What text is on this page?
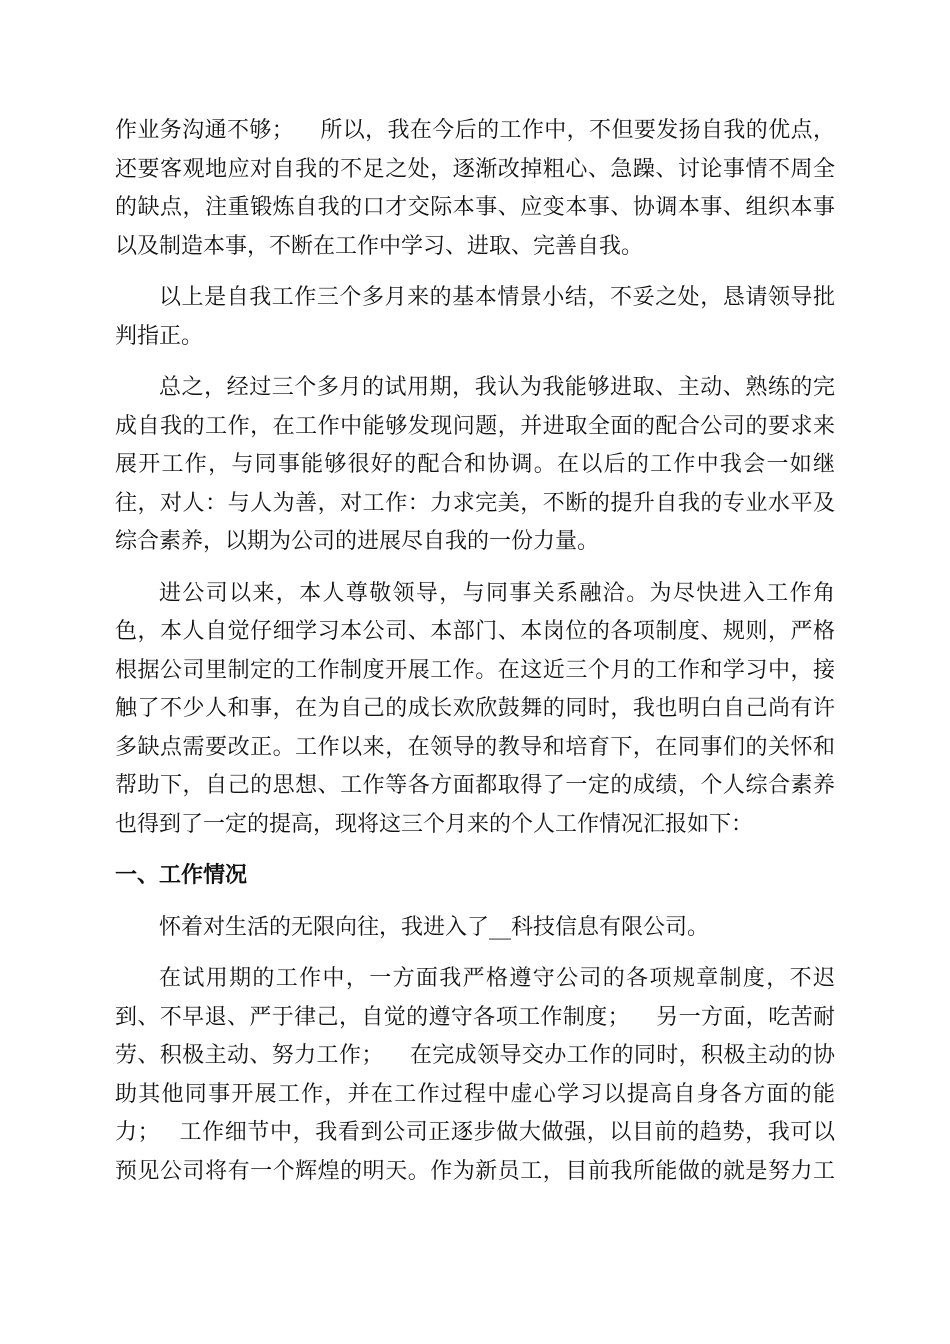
作业务沟通不够；　  所以，我在今后的工作中，不但要发扬自我的优点，
还要客观地应对自我的不足之处，逐渐改掉粗心、急躁、讨论事情不周全
的缺点，注重锻炼自我的口才交际本事、应变本事、协调本事、组织本事
以及制造本事，不断在工作中学习、进取、完善自我。
以上是自我工作三个多月来的基本情景小结，不妥之处，恳请领导批
判指正。
总之，经过三个多月的试用期，我认为我能够进取、主动、熟练的完
成自我的工作，在工作中能够发现问题，并进取全面的配合公司的要求来
展开工作，与同事能够很好的配合和协调。在以后的工作中我会一如继
往，对人：与人为善，对工作：力求完美，不断的提升自我的专业水平及
综合素养，以期为公司的进展尽自我的一份力量。
进公司以来，本人尊敬领导，与同事关系融洽。为尽快进入工作角
色，本人自觉仔细学习本公司、本部门、本岗位的各项制度、规则，严格
根据公司里制定的工作制度开展工作。在这近三个月的工作和学习中，接
触了不少人和事，在为自己的成长欢欣鼓舞的同时，我也明白自己尚有许
多缺点需要改正。工作以来，在领导的教导和培育下，在同事们的关怀和
帮助下，自己的思想、工作等各方面都取得了一定的成绩，个人综合素养
也得到了一定的提高，现将这三个月来的个人工作情况汇报如下：
一、工作情况
怀着对生活的无限向往，我进入了__科技信息有限公司。
在试用期的工作中，一方面我严格遵守公司的各项规章制度，不迟
到、不早退、严于律己，自觉的遵守各项工作制度；　  另一方面，吃苦耐
劳、积极主动、努力工作；　  在完成领导交办工作的同时，积极主动的协
助其他同事开展工作，并在工作过程中虚心学习以提高自身各方面的能
力；　 工作细节中，我看到公司正逐步做大做强，以目前的趋势，我可以
预见公司将有一个辉煌的明天。作为新员工，目前我所能做的就是努力工
